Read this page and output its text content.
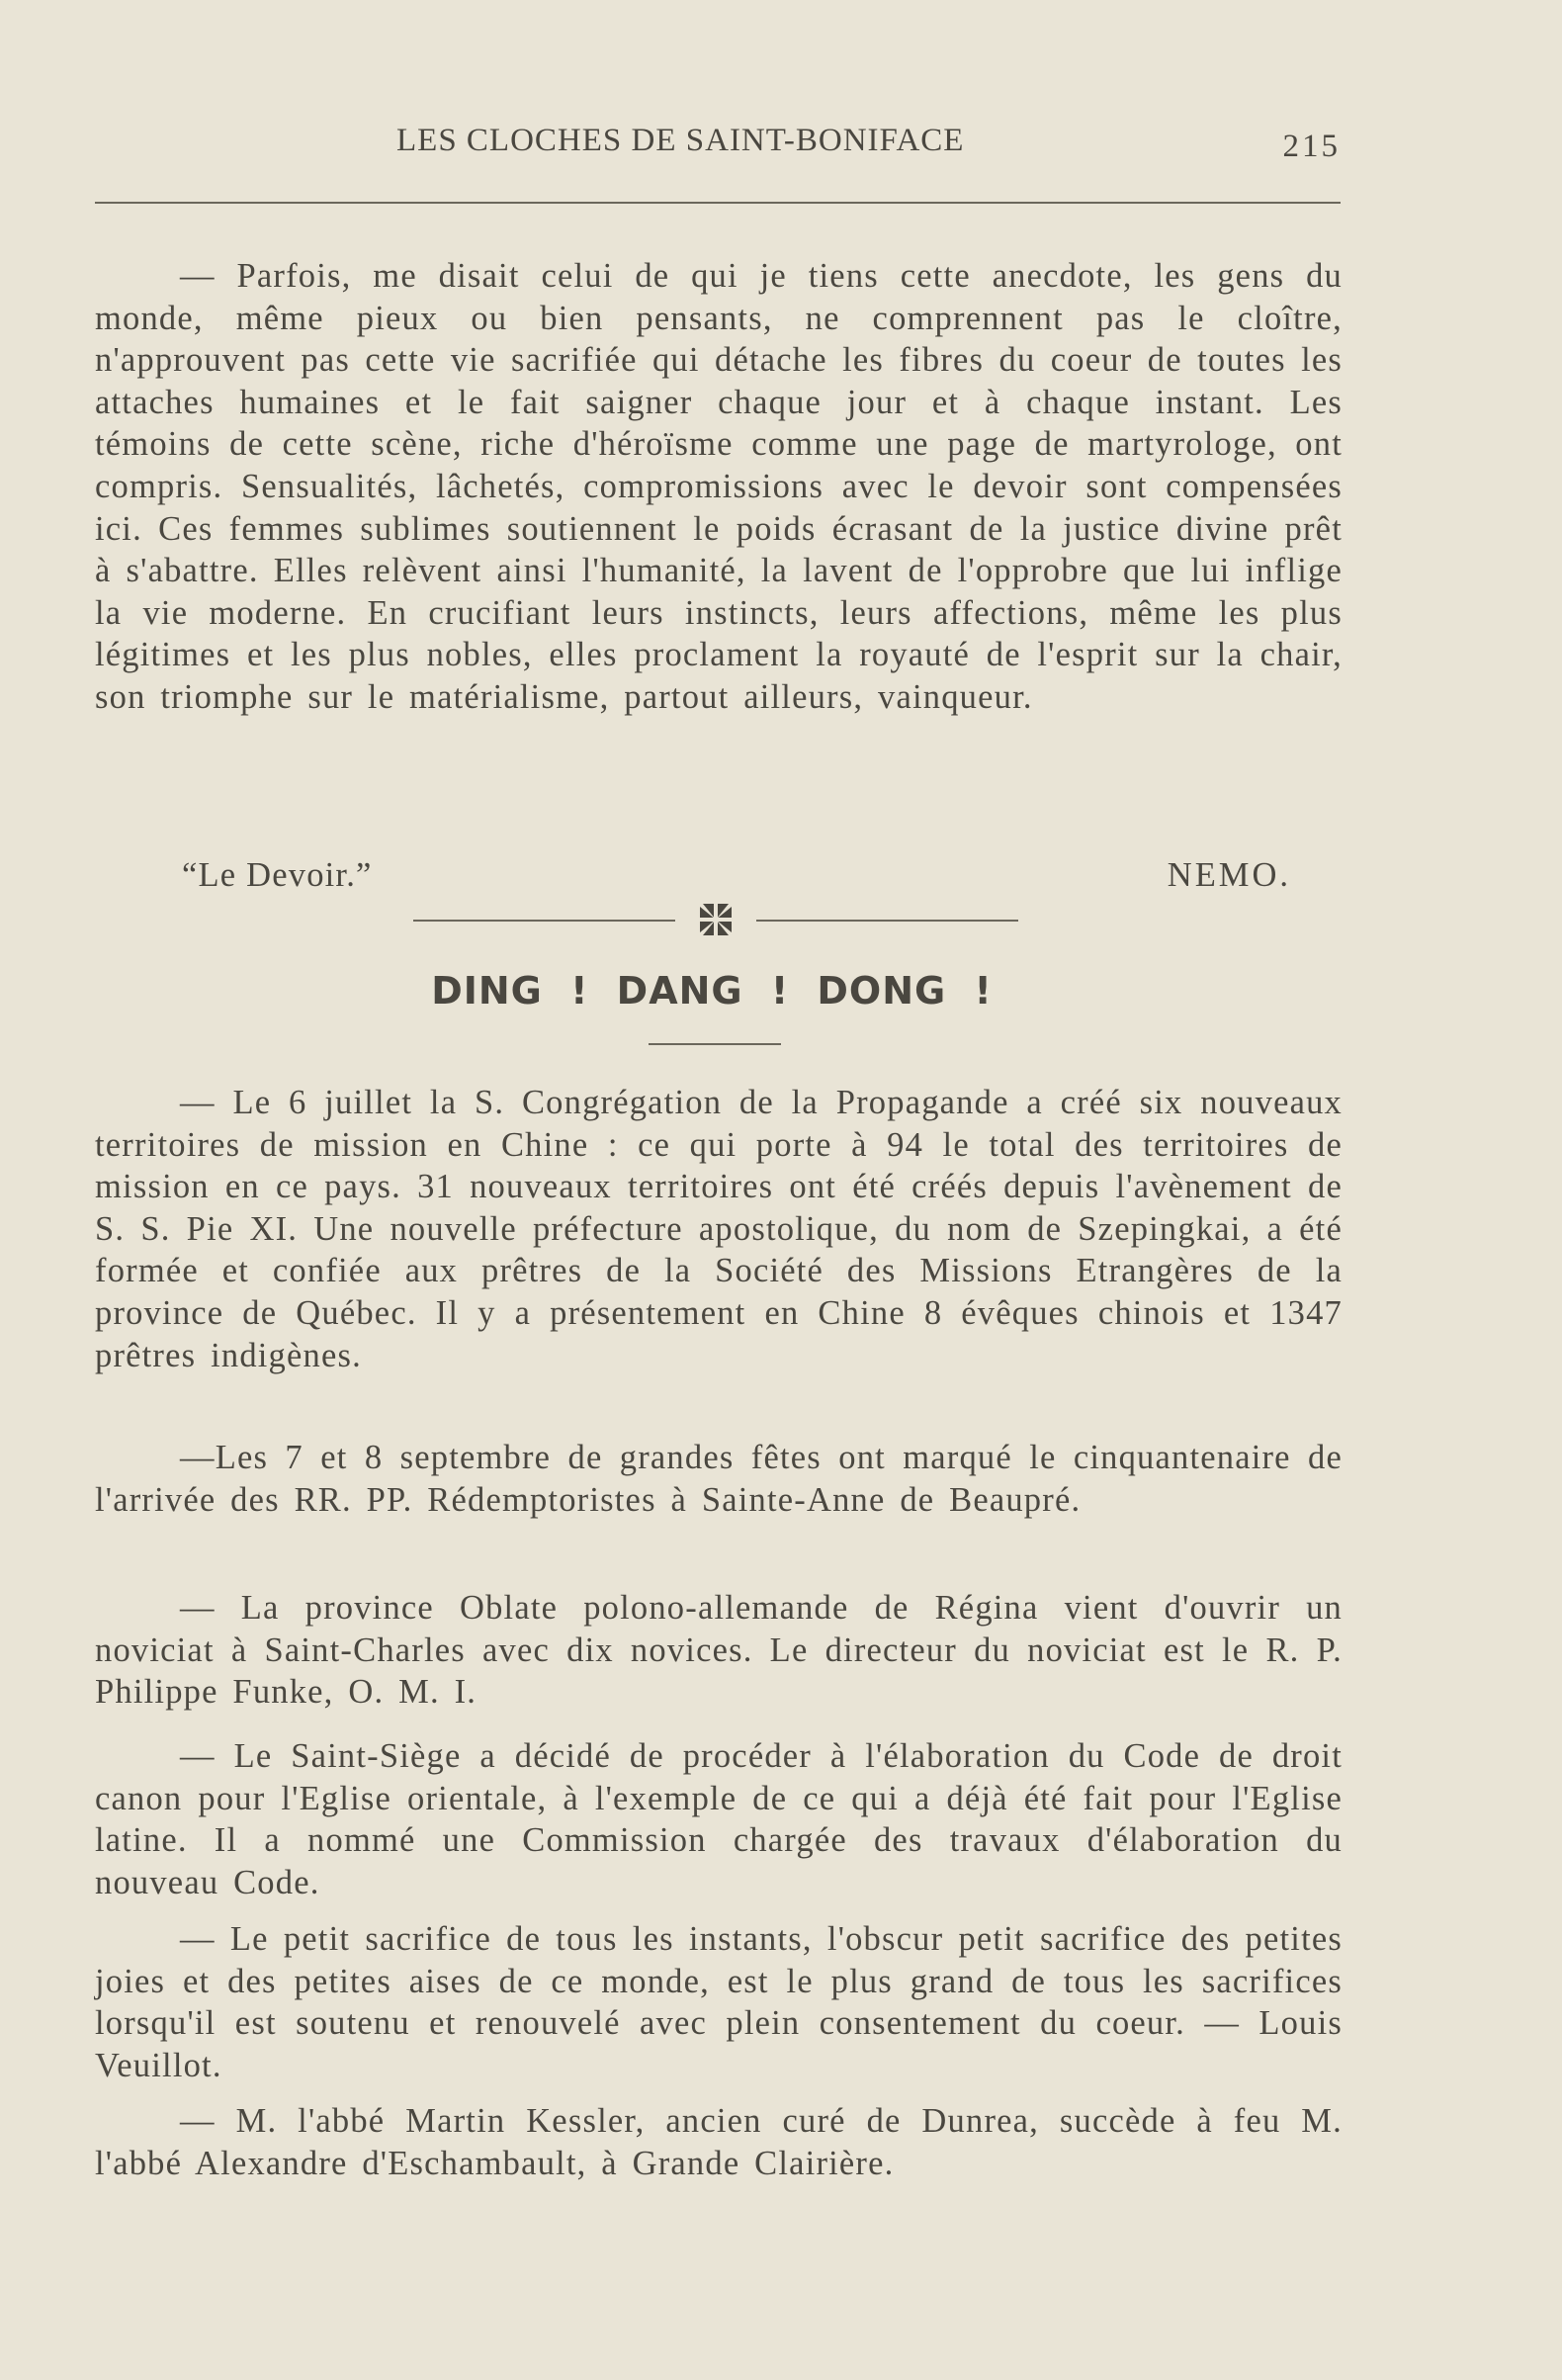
LES CLOCHES DE SAINT-BONIFACE	215

— Parfois, me disait celui de qui je tiens cette anecdote, les gens du monde, même pieux ou bien pensants, ne comprennent pas le cloître, n'approuvent pas cette vie sacrifiée qui détache les fibres du coeur de toutes les attaches humaines et le fait saigner chaque jour et à chaque instant. Les témoins de cette scène, riche d'héroïsme comme une page de martyrologe, ont compris. Sensualités, lâchetés, compromissions avec le devoir sont compensées ici. Ces femmes sublimes soutiennent le poids écrasant de la justice divine prêt à s'abattre. Elles relèvent ainsi l'humanité, la lavent de l'opprobre que lui inflige la vie moderne. En crucifiant leurs instincts, leurs affections, même les plus légitimes et les plus nobles, elles proclament la royauté de l'esprit sur la chair, son triomphe sur le matérialisme, partout ailleurs, vainqueur.

“Le Devoir.”	NEMO.
DING ! DANG ! DONG !

— Le 6 juillet la S. Congrégation de la Propagande a créé six nouveaux territoires de mission en Chine : ce qui porte à 94 le total des territoires de mission en ce pays. 31 nouveaux territoires ont été créés depuis l'avènement de S. S. Pie XI. Une nouvelle préfecture apostolique, du nom de Szepingkai, a été formée et confiée aux prêtres de la Société des Missions Etrangères de la province de Québec. Il y a présentement en Chine 8 évêques chinois et 1347 prêtres indigènes.

—Les 7 et 8 septembre de grandes fêtes ont marqué le cinquantenaire de l'arrivée des RR. PP. Rédemptoristes à Sainte-Anne de Beaupré.

— La province Oblate polono-allemande de Régina vient d'ouvrir un noviciat à Saint-Charles avec dix novices. Le directeur du noviciat est le R. P. Philippe Funke, O. M. I.

— Le Saint-Siège a décidé de procéder à l'élaboration du Code de droit canon pour l'Eglise orientale, à l'exemple de ce qui a déjà été fait pour l'Eglise latine. Il a nommé une Commission chargée des travaux d'élaboration du nouveau Code.

— Le petit sacrifice de tous les instants, l'obscur petit sacrifice des petites joies et des petites aises de ce monde, est le plus grand de tous les sacrifices lorsqu'il est soutenu et renouvelé avec plein consentement du coeur. — Louis Veuillot.

— M. l'abbé Martin Kessler, ancien curé de Dunrea, succède à feu M. l'abbé Alexandre d'Eschambault, à Grande Clairière.
